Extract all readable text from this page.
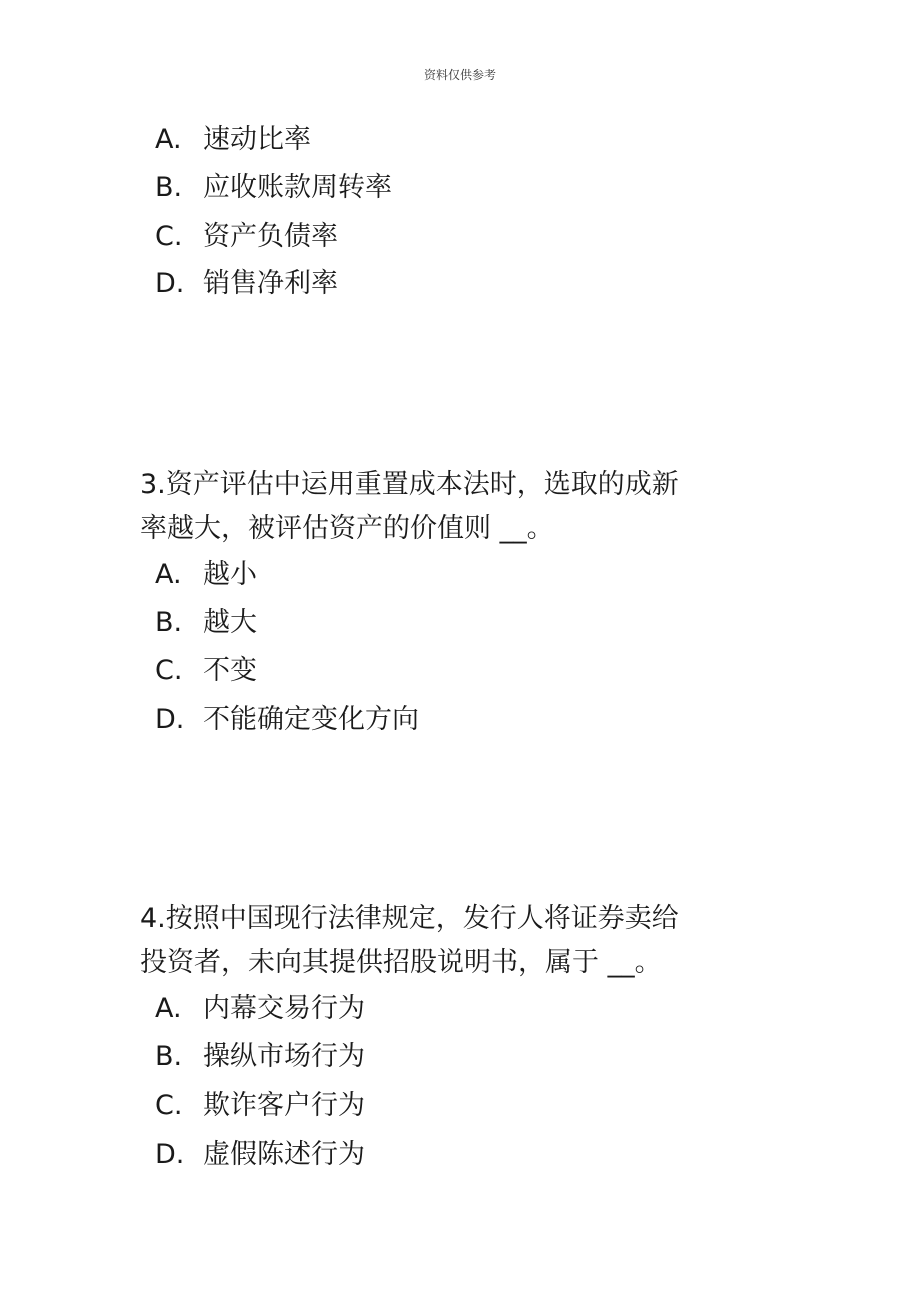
资料仅供参考
A. 速动比率
B. 应收账款周转率
C. 资产负债率
D. 销售净利率
3.资产评估中运用重置成本法时，选取的成新
率越大，被评估资产的价值则 __。
A. 越小
B. 越大
C. 不变
D. 不能确定变化方向
4.按照中国现行法律规定，发行人将证券卖给
投资者，未向其提供招股说明书，属于 __。
A. 内幕交易行为
B. 操纵市场行为
C. 欺诈客户行为
D. 虚假陈述行为
